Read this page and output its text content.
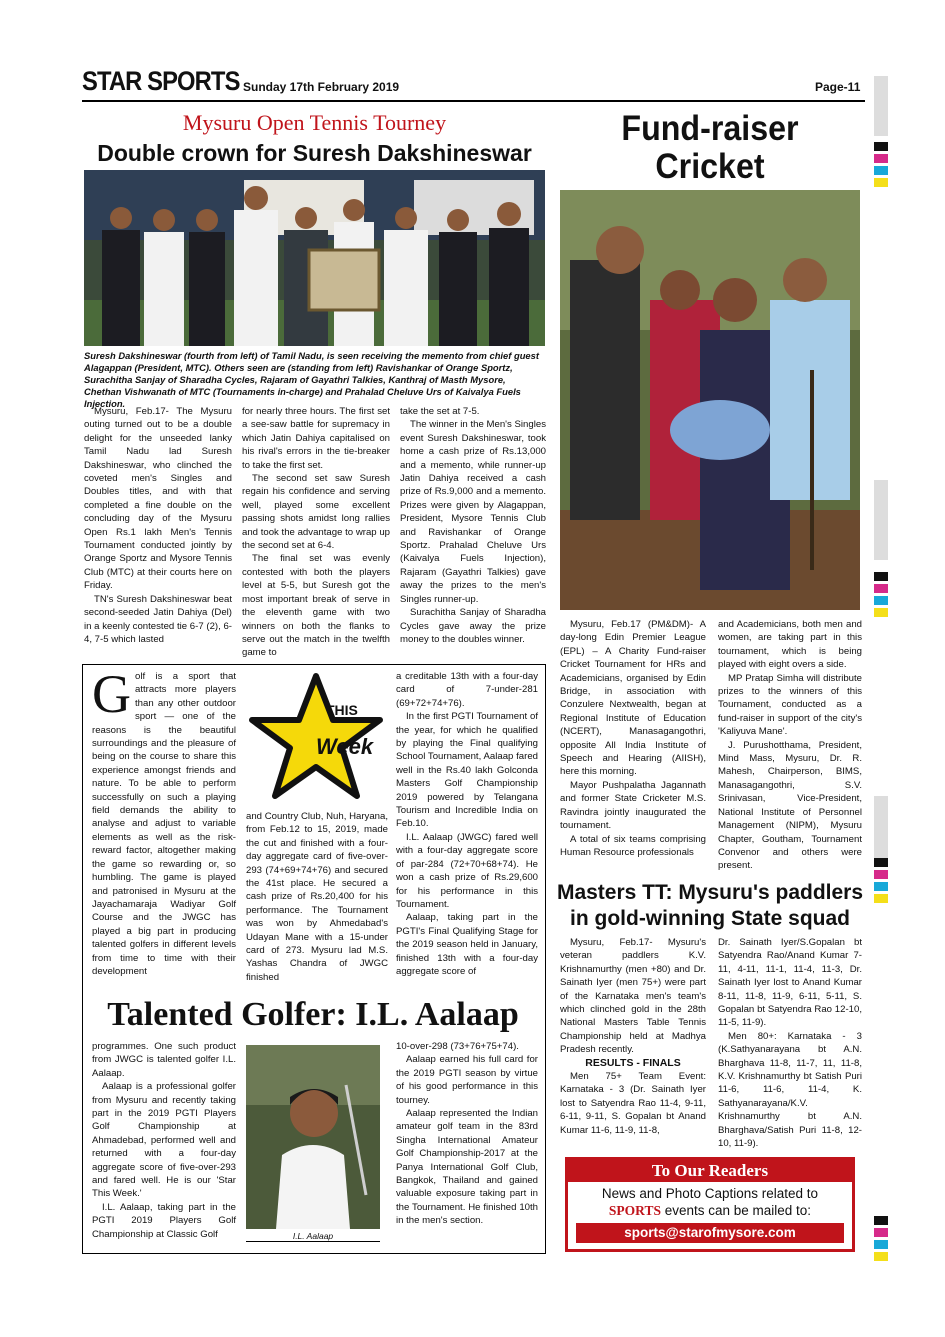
STAR SPORTS Sunday 17th February 2019	Page-11
Mysuru Open Tennis Tourney
Double crown for Suresh Dakshineswar
Suresh Dakshineswar (fourth from left) of Tamil Nadu, is seen receiving the memento from chief guest Alagappan (President, MTC). Others seen are (standing from left) Ravishankar of Orange Sportz, Surachitha Sanjay of Sharadha Cycles, Rajaram of Gayathri Talkies, Kanthraj of Masth Mysore, Chethan Vishwanath of MTC (Tournaments in-charge) and Prahalad Cheluve Urs of Kaivalya Fuels Injection.

Mysuru, Feb.17- The Mysuru outing turned out to be a double delight for the unseeded lanky Tamil Nadu lad Suresh Dakshineswar, who clinched the coveted men's Singles and Doubles titles, and with that completed a fine double on the concluding day of the Mysuru Open Rs.1 lakh Men's Tennis Tournament conducted jointly by Orange Sportz and Mysore Tennis Club (MTC) at their courts here on Friday.

TN's Suresh Dakshineswar beat second-seeded Jatin Dahiya (Del) in a keenly contested tie 6-7 (2), 6-4, 7-5 which lasted

for nearly three hours. The first set a see-saw battle for supremacy in which Jatin Dahiya capitalised on his rival's errors in the tie-breaker to take the first set.

The second set saw Suresh regain his confidence and serving well, played some excellent passing shots amidst long rallies and took the advantage to wrap up the second set at 6-4.

The final set was evenly contested with both the players level at 5-5, but Suresh got the most important break of serve in the eleventh game with two winners on both the flanks to serve out the match in the twelfth game to

take the set at 7-5.

The winner in the Men's Singles event Suresh Dakshineswar, took home a cash prize of Rs.13,000 and a memento, while runner-up Jatin Dahiya received a cash prize of Rs.9,000 and a memento. Prizes were given by Alagappan, President, Mysore Tennis Club and Ravishankar of Orange Sportz. Prahalad Cheluve Urs (Kaivalya Fuels Injection), Rajaram (Gayathri Talkies) gave away the prizes to the men's Singles runner-up.

Surachitha Sanjay of Sharadha Cycles gave away the prize money to the doubles winner.

Fund-raiser Cricket

Mysuru, Feb.17 (PM&DM)- A day-long Edin Premier League (EPL) – A Charity Fund-raiser Cricket Tournament for HRs and Academicians, organised by Edin Bridge, in association with Conzulere Nextwealth, began at Regional Institute of Education (NCERT), Manasagangothri, opposite All India Institute of Speech and Hearing (AIISH), here this morning.

Mayor Pushpalatha Jagannath and former State Cricketer M.S. Ravindra jointly inaugurated the tournament.

A total of six teams comprising Human Resource professionals

and Academicians, both men and women, are taking part in this tournament, which is being played with eight overs a side.

MP Pratap Simha will distribute prizes to the winners of this Tournament, conducted as a fund-raiser in support of the city's 'Kaliyuva Mane'.

J. Purushotthama, President, Mind Mass, Mysuru, Dr. R. Mahesh, Chairperson, BIMS, Manasagangothri, S.V. Srinivasan, Vice-President, National Institute of Personnel Management (NIPM), Mysuru Chapter, Goutham, Tournament Convenor and others were present.

Golf is a sport that attracts more players than any other outdoor sport — one of the reasons is the beautiful surroundings and the pleasure of being on the course to share this experience amongst friends and nature. To be able to perform successfully on such a playing field demands the ability to analyse and adjust to variable elements as well as the risk-reward factor, altogether making the game so rewarding or, so humbling. The game is played and patronised in Mysuru at the Jayachamaraja Wadiyar Golf Course and the JWGC has played a big part in producing talented golfers in different levels from time to time with their development
THIS
Week

and Country Club, Nuh, Haryana, from Feb.12 to 15, 2019, made the cut and finished with a four-day aggregate card of five-over-293 (74+69+74+76) and secured the 41st place. He secured a cash prize of Rs.20,400 for his performance. The Tournament was won by Ahmedabad's Udayan Mane with a 15-under card of 273. Mysuru lad M.S. Yashas Chandra of JWGC finished

a creditable 13th with a four-day card of 7-under-281 (69+72+74+76).

In the first PGTI Tournament of the year, for which he qualified by playing the Final qualifying School Tournament, Aalaap fared well in the Rs.40 lakh Golconda Masters Golf Championship 2019 powered by Telangana Tourism and Incredible India on Feb.10.

I.L. Aalaap (JWGC) fared well with a four-day aggregate score of par-284 (72+70+68+74). He won a cash prize of Rs.29,600 for his performance in this Tournament.

Aalaap, taking part in the PGTI's Final Qualifying Stage for the 2019 season held in January, finished 13th with a four-day aggregate score of

Talented Golfer: I.L. Aalaap

programmes. One such product from JWGC is talented golfer I.L. Aalaap.

Aalaap is a professional golfer from Mysuru and recently taking part in the 2019 PGTI Players Golf Championship at Ahmadebad, performed well and returned with a four-day aggregate score of five-over-293 and fared well. He is our 'Star This Week.'

I.L. Aalaap, taking part in the PGTI 2019 Players Golf Championship at Classic Golf	I.L. Aalaap

10-over-298 (73+76+75+74).

Aalaap earned his full card for the 2019 PGTI season by virtue of his good performance in this tourney.

Aalaap represented the Indian amateur golf team in the 83rd Singha International Amateur Golf Championship-2017 at the Panya International Golf Club, Bangkok, Thailand and gained valuable exposure taking part in the Tournament. He finished 10th in the men's section.

Masters TT: Mysuru's paddlers in gold-winning State squad

Mysuru, Feb.17- Mysuru's veteran paddlers K.V. Krishnamurthy (men +80) and Dr. Sainath Iyer (men 75+) were part of the Karnataka men's team's which clinched gold in the 28th National Masters Table Tennis Championship held at Madhya Pradesh recently.

RESULTS - FINALS

Men 75+ Team Event: Karnataka - 3 (Dr. Sainath Iyer lost to Satyendra Rao 11-4, 9-11, 6-11, 9-11, S. Gopalan bt Anand Kumar 11-6, 11-9, 11-8,

Dr. Sainath Iyer/S.Gopalan bt Satyendra Rao/Anand Kumar 7-11, 4-11, 11-1, 11-4, 11-3, Dr. Sainath Iyer lost to Anand Kumar 8-11, 11-8, 11-9, 6-11, 5-11, S. Gopalan bt Satyendra Rao 12-10, 11-5, 11-9).

Men 80+: Karnataka - 3 (K.Sathyanarayana bt A.N. Bharghava 11-8, 11-7, 11, 11-8, K.V. Krishnamurthy bt Satish Puri 11-6, 11-6, 11-4, K. Sathyanarayana/K.V. Krishnamurthy bt A.N. Bharghava/Satish Puri 11-8, 12-10, 11-9).

To Our Readers
News and Photo Captions related to
SPORTS events can be mailed to:
sports@starofmysore.com
